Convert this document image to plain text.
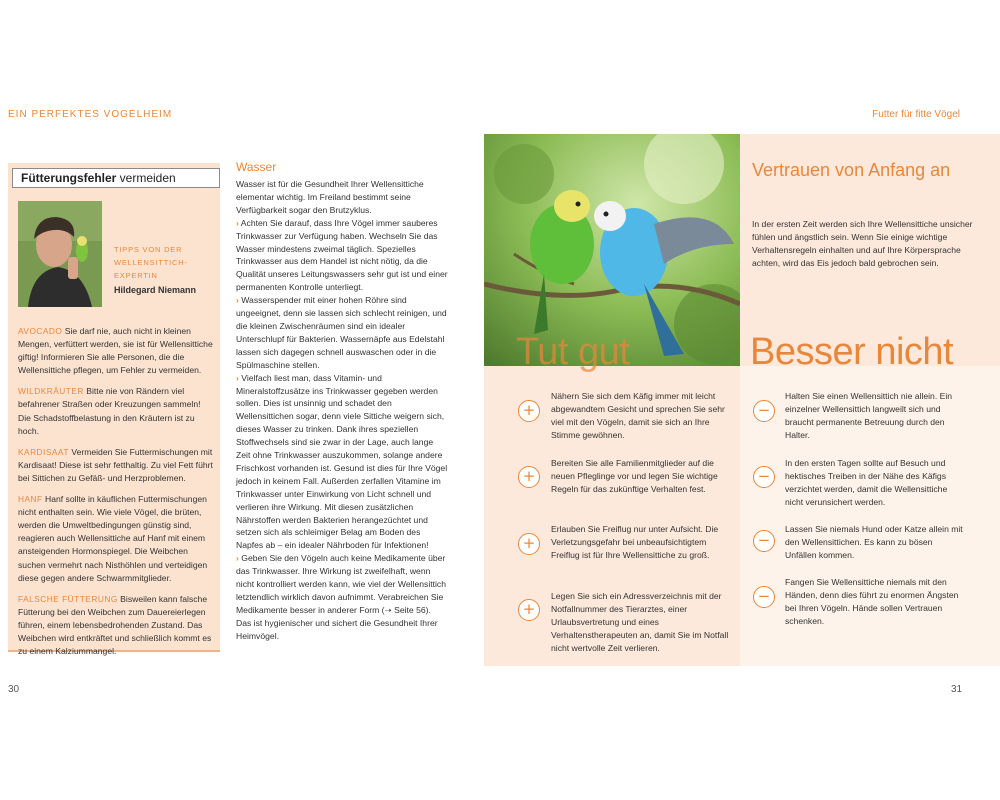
EIN PERFEKTES VOGELHEIM	Futter für fitte Vögel
Fütterungsfehler vermeiden
TIPPS VON DER WELLENSITTICH-EXPERTIN
Hildegard Niemann

AVOCADO Sie darf nie, auch nicht in kleinen Mengen, verfüttert werden, sie ist für Wellensittiche giftig! Informieren Sie alle Personen, die die Wellensittiche pflegen, um Fehler zu vermeiden.

WILDKRÄUTER Bitte nie von Rändern viel befahrener Straßen oder Kreuzungen sammeln! Die Schadstoffbelastung in den Kräutern ist zu hoch.

KARDISAAT Vermeiden Sie Futtermischungen mit Kardisaat! Diese ist sehr fetthaltig. Zu viel Fett führt bei Sittichen zu Gefäß- und Herzproblemen.

HANF Hanf sollte in käuflichen Futtermischungen nicht enthalten sein. Wie viele Vögel, die brüten, werden die Umweltbedingungen günstig sind, reagieren auch Wellensittiche auf Hanf mit einem ansteigenden Hormonspiegel. Die Weibchen suchen vermehrt nach Nisthöhlen und verteidigen diese gegen andere Schwarmmitglieder.

FALSCHE FÜTTERUNG Bisweilen kann falsche Fütterung bei den Weibchen zum Dauereierlegen führen, einem lebensbedrohenden Zustand. Das Weibchen wird entkräftet und schließlich kommt es zu einem Kalziummangel.

Wasser

Wasser ist für die Gesundheit Ihrer Wellensittiche elementar wichtig. Im Freiland bestimmt seine Verfügbarkeit sogar den Brutzyklus.

› Achten Sie darauf, dass Ihre Vögel immer sauberes Trinkwasser zur Verfügung haben. Wechseln Sie das Wasser mindestens zweimal täglich. Spezielles Trinkwasser aus dem Handel ist nicht nötig, da die Qualität unseres Leitungswassers sehr gut ist und einer permanenten Kontrolle unterliegt.

› Wasserspender mit einer hohen Röhre sind ungeeignet, denn sie lassen sich schlecht reinigen, und die kleinen Zwischenräumen sind ein idealer Unterschlupf für Bakterien. Wassernäpfe aus Edelstahl lassen sich dagegen schnell auswaschen oder in die Spülmaschine stellen.

› Vielfach liest man, dass Vitamin- und Mineralstoffzusätze ins Trinkwasser gegeben werden sollen. Dies ist unsinnig und schadet den Wellensittichen sogar, denn viele Sittiche weigern sich, dieses Wasser zu trinken. Dank ihres speziellen Stoffwechsels sind sie zwar in der Lage, auch lange Zeit ohne Trinkwasser auszukommen, solange andere Frischkost vorhanden ist. Gesund ist dies für Ihre Vögel jedoch in keinem Fall. Außerden zerfallen Vitamine im Trinkwasser unter Einwirkung von Licht schnell und verlieren ihre Wirkung. Mit diesen zusätzlichen Nährstoffen werden Bakterien herangezüchtet und setzen sich als schleimiger Belag am Boden des Napfes ab – ein idealer Nährboden für Infektionen!

› Geben Sie den Vögeln auch keine Medikamente über das Trinkwasser. Ihre Wirkung ist zweifelhaft, wenn nicht kontrolliert werden kann, wie viel der Wellensittich letztendlich wirklich davon aufnimmt. Verabreichen Sie Medikamente besser in anderer Form (➝ Seite 56). Das ist hygienischer und sichert die Gesundheit Ihrer Heimvögel.

Vertrauen von Anfang an
In der ersten Zeit werden sich Ihre Wellensittiche unsicher fühlen und ängstlich sein. Wenn Sie einige wichtige Verhaltensregeln einhalten und auf Ihre Körpersprache achten, wird das Eis jedoch bald gebrochen sein.
Tut gut	Besser nicht
+
Nähern Sie sich dem Käfig immer mit leicht abgewandtem Gesicht und sprechen Sie sehr viel mit den Vögeln, damit sie sich an Ihre Stimme gewöhnen.
+
Bereiten Sie alle Familienmitglieder auf die neuen Pfleglinge vor und legen Sie wichtige Regeln für das zukünftige Verhalten fest.
+
Erlauben Sie Freiflug nur unter Aufsicht. Die Verletzungsgefahr bei unbeaufsichtigtem Freiflug ist für Ihre Wellensittiche zu groß.
+
Legen Sie sich ein Adressverzeichnis mit der Notfallnummer des Tierarztes, einer Urlaubsvertretung und eines Verhaltenstherapeuten an, damit Sie im Notfall nicht wertvolle Zeit verlieren.
−
Halten Sie einen Wellensittich nie allein. Ein einzelner Wellensittich langweilt sich und braucht permanente Betreuung durch den Halter.
−
In den ersten Tagen sollte auf Besuch und hektisches Treiben in der Nähe des Käfigs verzichtet werden, damit die Wellensittiche nicht verunsichert werden.
−
Lassen Sie niemals Hund oder Katze allein mit den Wellensittichen. Es kann zu bösen Unfällen kommen.
−
Fangen Sie Wellensittiche niemals mit den Händen, denn dies führt zu enormen Ängsten bei Ihren Vögeln. Hände sollen Vertrauen schenken.
30	31
